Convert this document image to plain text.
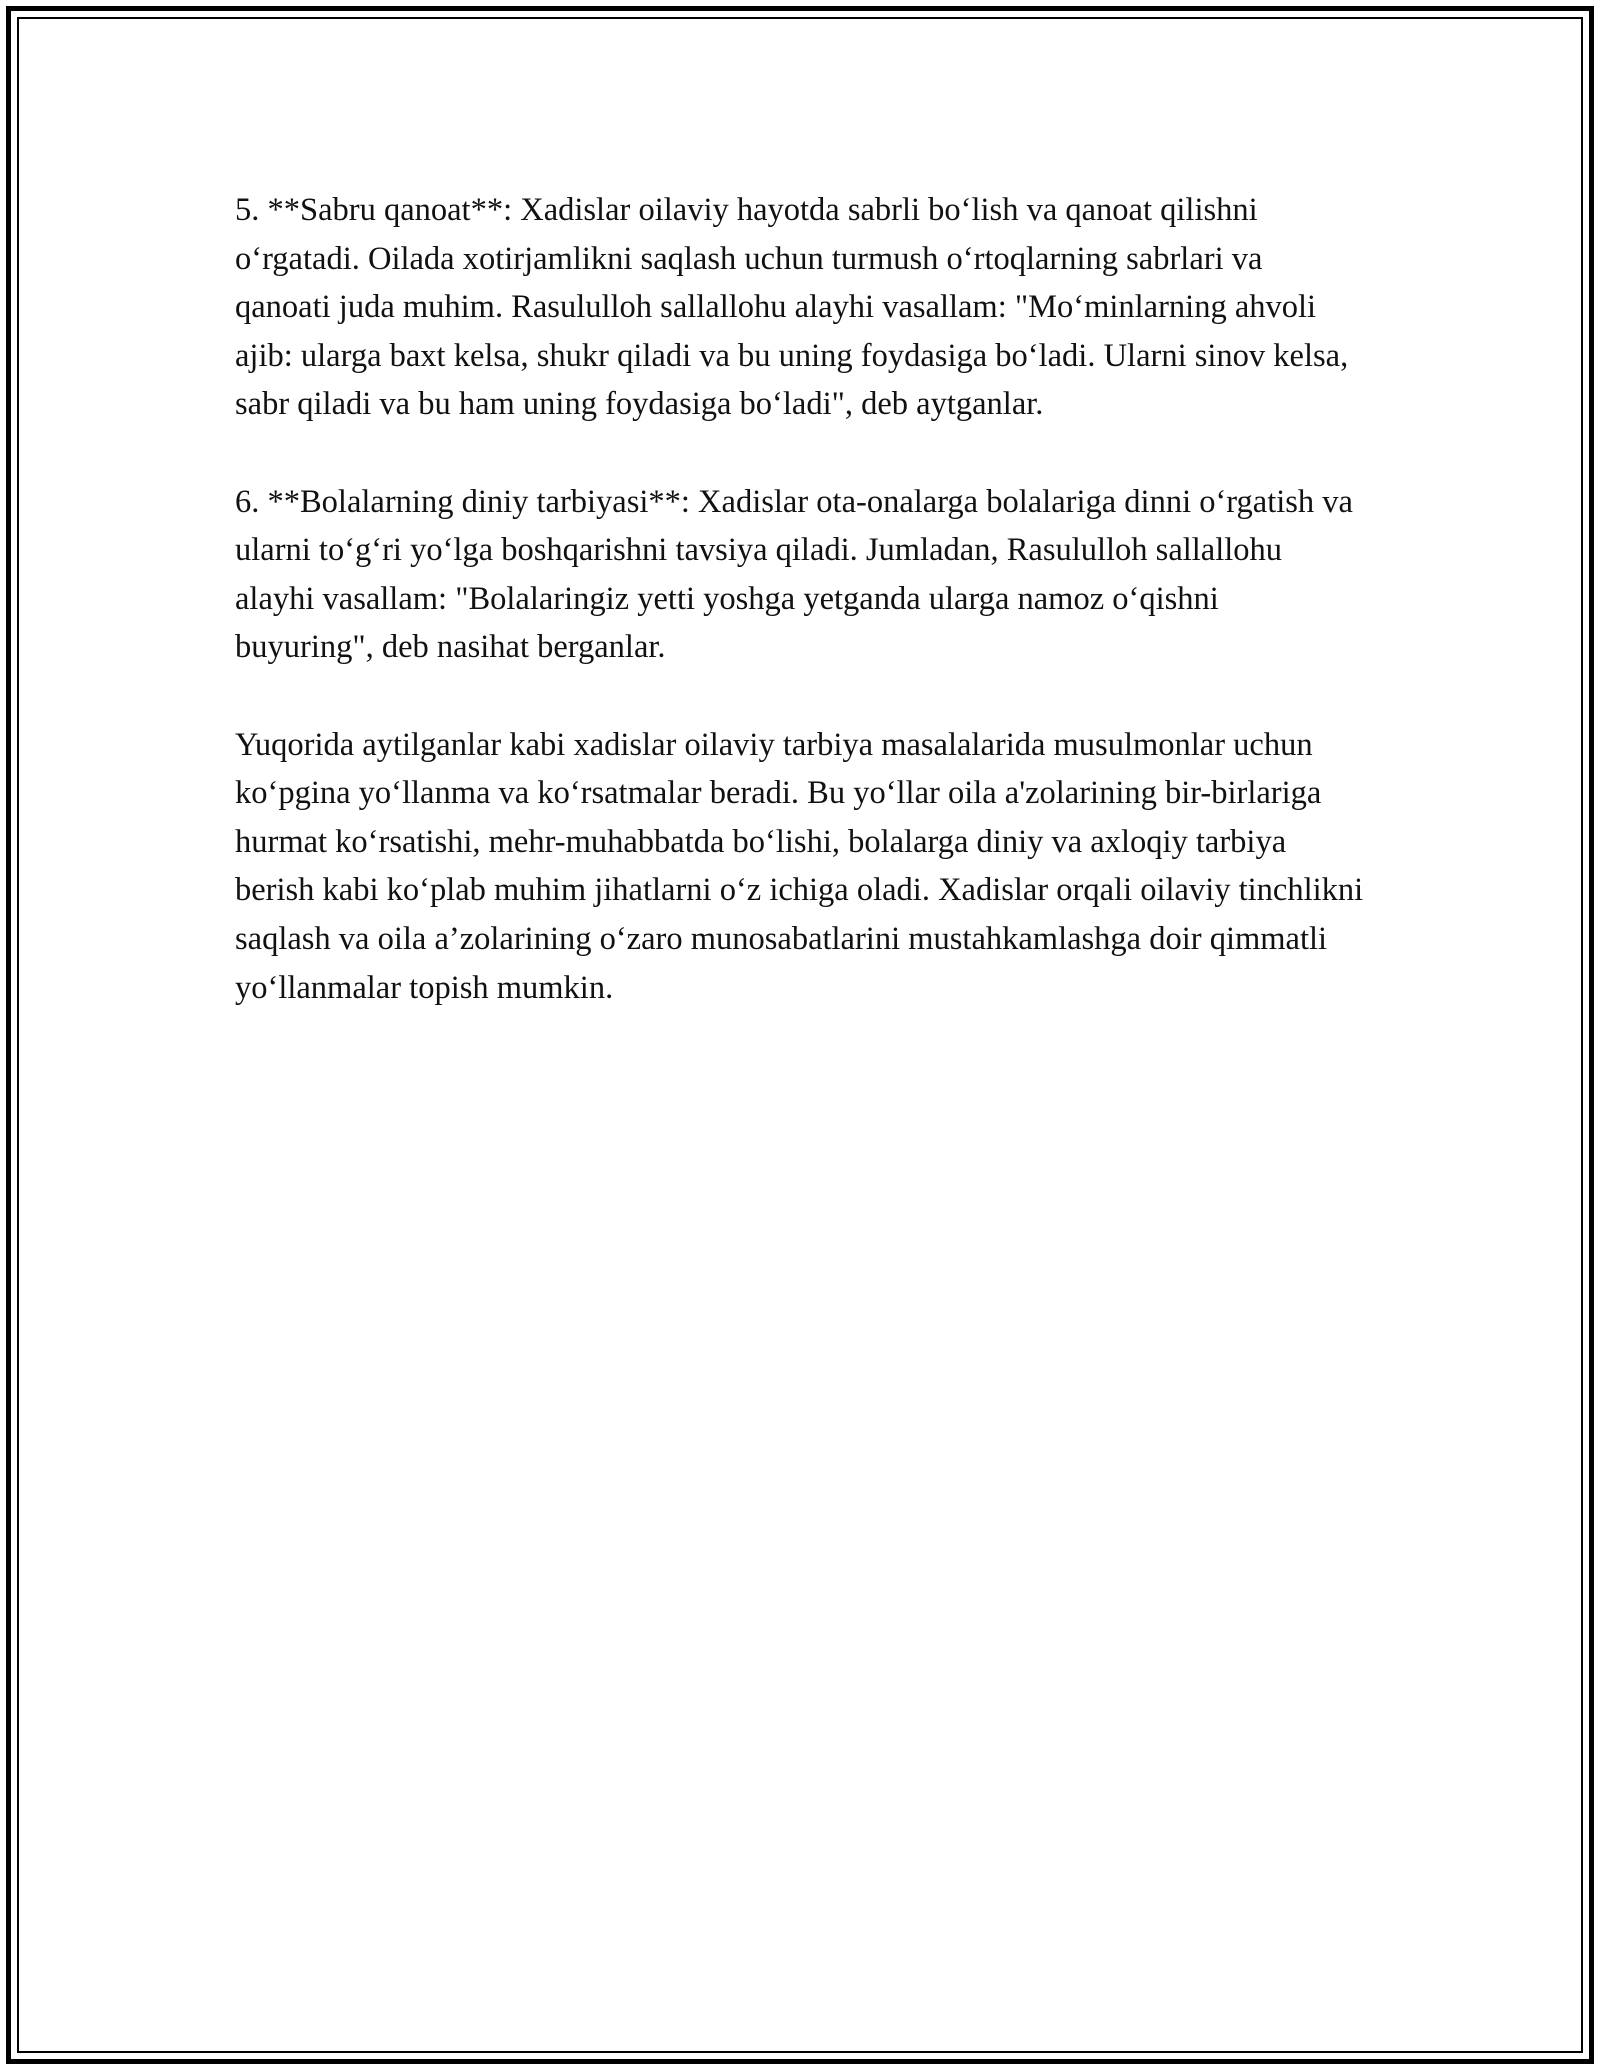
5. **Sabru qanoat**: Xadislar oilaviy hayotda sabrli bo‘lish va qanoat qilishni o‘rgatadi. Oilada xotirjamlikni saqlash uchun turmush o‘rtoqlarning sabrlari va qanoati juda muhim. Rasululloh sallallohu alayhi vasallam: "Mo‘minlarning ahvoli ajib: ularga baxt kelsa, shukr qiladi va bu uning foydasiga bo‘ladi. Ularni sinov kelsa, sabr qiladi va bu ham uning foydasiga bo‘ladi", deb aytganlar.

6. **Bolalarning diniy tarbiyasi**: Xadislar ota-onalarga bolalariga dinni o‘rgatish va ularni to‘g‘ri yo‘lga boshqarishni tavsiya qiladi. Jumladan, Rasululloh sallallohu alayhi vasallam: "Bolalaringiz yetti yoshga yetganda ularga namoz o‘qishni buyuring", deb nasihat berganlar.

Yuqorida aytilganlar kabi xadislar oilaviy tarbiya masalalarida musulmonlar uchun ko‘pgina yo‘llanma va ko‘rsatmalar beradi. Bu yo‘llar oila a'zolarining bir-birlariga hurmat ko‘rsatishi, mehr-muhabbatda bo‘lishi, bolalarga diniy va axloqiy tarbiya berish kabi ko‘plab muhim jihatlarni o‘z ichiga oladi. Xadislar orqali oilaviy tinchlikni saqlash va oila a’zolarining o‘zaro munosabatlarini mustahkamlashga doir qimmatli yo‘llanmalar topish mumkin.
